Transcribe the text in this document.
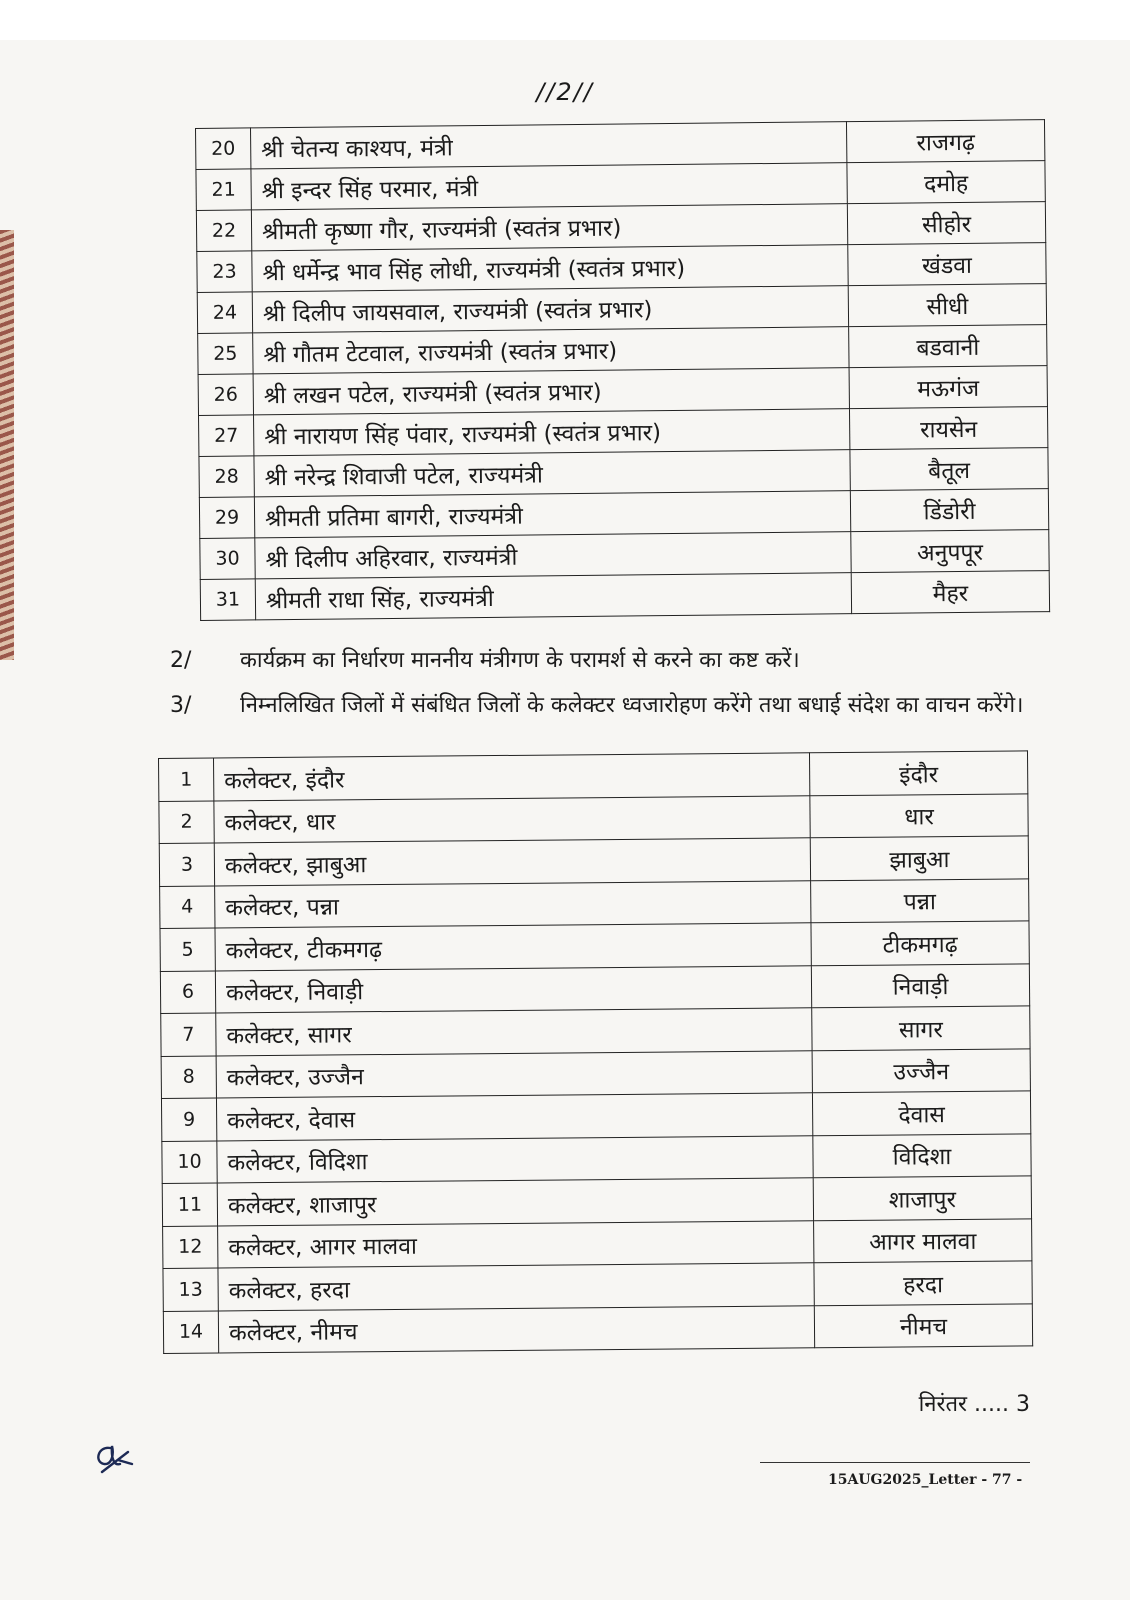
//2//
20	श्री चेतन्य काश्यप, मंत्री	राजगढ़
21	श्री इन्दर सिंह परमार, मंत्री	दमोह
22	श्रीमती कृष्णा गौर, राज्यमंत्री (स्वतंत्र प्रभार)	सीहोर
23	श्री धर्मेन्द्र भाव सिंह लोधी, राज्यमंत्री (स्वतंत्र प्रभार)	खंडवा
24	श्री दिलीप जायसवाल, राज्यमंत्री (स्वतंत्र प्रभार)	सीधी
25	श्री गौतम टेटवाल, राज्यमंत्री (स्वतंत्र प्रभार)	बडवानी
26	श्री लखन पटेल, राज्यमंत्री (स्वतंत्र प्रभार)	मऊगंज
27	श्री नारायण सिंह पंवार, राज्यमंत्री (स्वतंत्र प्रभार)	रायसेन
28	श्री नरेन्द्र शिवाजी पटेल, राज्यमंत्री	बैतूल
29	श्रीमती प्रतिमा बागरी, राज्यमंत्री	डिंडोरी
30	श्री दिलीप अहिरवार, राज्यमंत्री	अनुपपूर
31	श्रीमती राधा सिंह, राज्यमंत्री	मैहर
2/ कार्यक्रम का निर्धारण माननीय मंत्रीगण के परामर्श से करने का कष्ट करें।
3/ निम्नलिखित जिलों में संबंधित जिलों के कलेक्टर ध्वजारोहण करेंगे तथा बधाई संदेश का वाचन करेंगे।
1	कलेक्टर, इंदौर	इंदौर
2	कलेक्टर, धार	धार
3	कलेक्टर, झाबुआ	झाबुआ
4	कलेक्टर, पन्ना	पन्ना
5	कलेक्टर, टीकमगढ़	टीकमगढ़
6	कलेक्टर, निवाड़ी	निवाड़ी
7	कलेक्टर, सागर	सागर
8	कलेक्टर, उज्जैन	उज्जैन
9	कलेक्टर, देवास	देवास
10	कलेक्टर, विदिशा	विदिशा
11	कलेक्टर, शाजापुर	शाजापुर
12	कलेक्टर, आगर मालवा	आगर मालवा
13	कलेक्टर, हरदा	हरदा
14	कलेक्टर, नीमच	नीमच
निरंतर ..... 3
15AUG2025_Letter - 77 -
